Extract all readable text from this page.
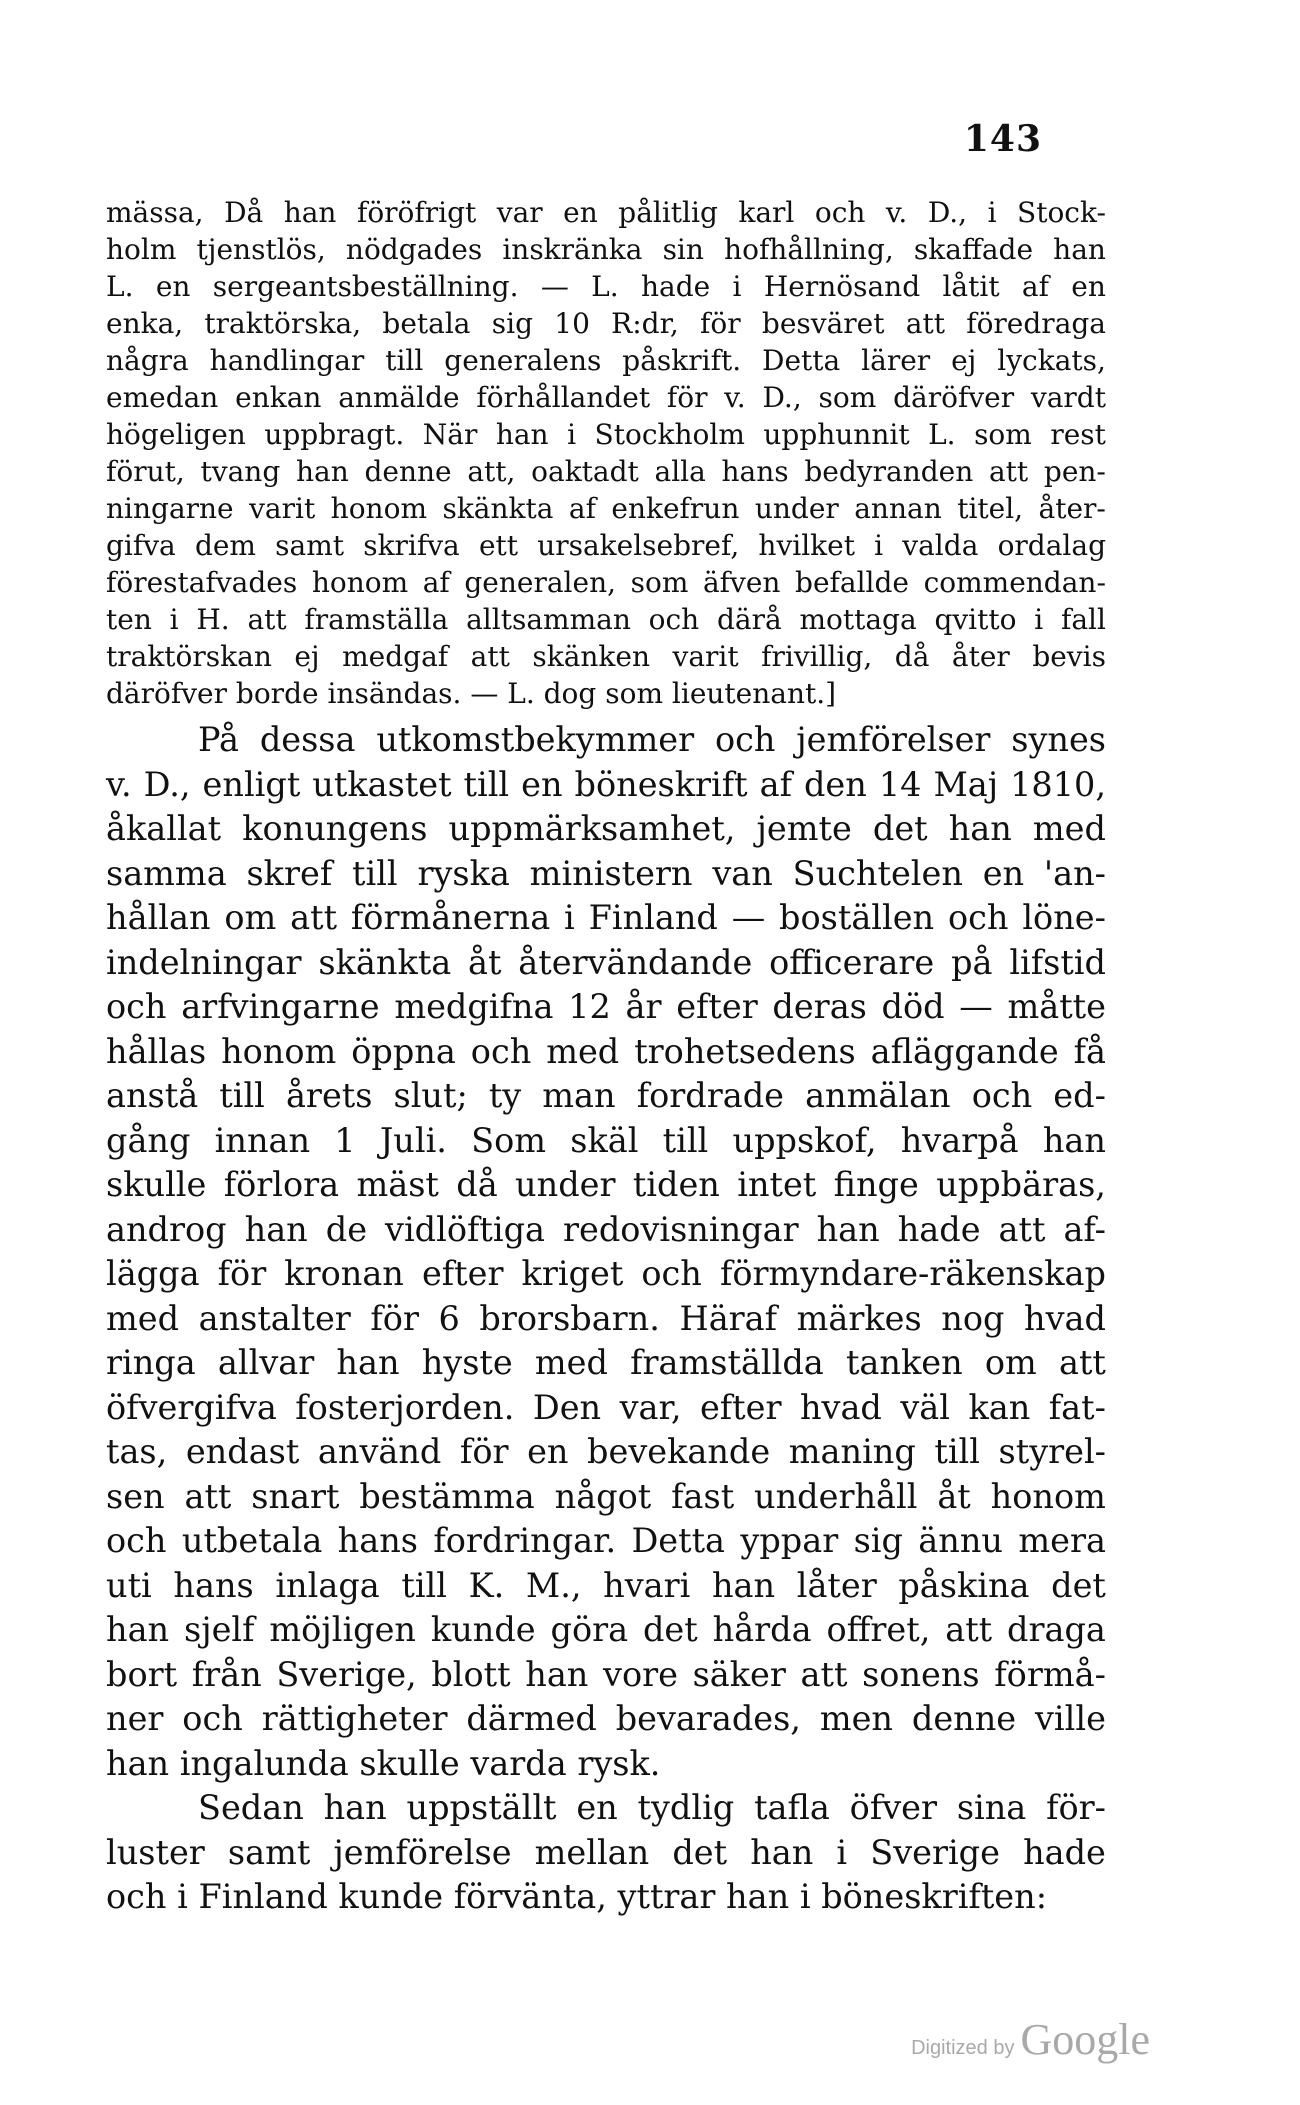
143
mässa, Då han föröfrigt var en pålitlig karl och v. D., i Stock-
holm tjenstlös, nödgades inskränka sin hofhållning, skaffade han
L. en sergeantsbeställning. — L. hade i Hernösand låtit af en
enka, traktörska, betala sig 10 R:dr, för besväret att föredraga
några handlingar till generalens påskrift. Detta lärer ej lyckats,
emedan enkan anmälde förhållandet för v. D., som däröfver vardt
högeligen uppbragt. När han i Stockholm upphunnit L. som rest
förut, tvang han denne att, oaktadt alla hans bedyranden att pen-
ningarne varit honom skänkta af enkefrun under annan titel, åter-
gifva dem samt skrifva ett ursakelsebref, hvilket i valda ordalag
förestafvades honom af generalen, som äfven befallde commendan-
ten i H. att framställa alltsamman och därå mottaga qvitto i fall
traktörskan ej medgaf att skänken varit frivillig, då åter bevis
däröfver borde insändas. — L. dog som lieutenant.]
På dessa utkomstbekymmer och jemförelser synes
v. D., enligt utkastet till en böneskrift af den 14 Maj 1810,
åkallat konungens uppmärksamhet, jemte det han med
samma skref till ryska ministern van Suchtelen en 'an-
hållan om att förmånerna i Finland — boställen och löne-
indelningar skänkta åt återvändande officerare på lifstid
och arfvingarne medgifna 12 år efter deras död — måtte
hållas honom öppna och med trohetsedens afläggande få
anstå till årets slut; ty man fordrade anmälan och ed-
gång innan 1 Juli. Som skäl till uppskof, hvarpå han
skulle förlora mäst då under tiden intet finge uppbäras,
androg han de vidlöftiga redovisningar han hade att af-
lägga för kronan efter kriget och förmyndare-räkenskap
med anstalter för 6 brorsbarn. Häraf märkes nog hvad
ringa allvar han hyste med framställda tanken om att
öfvergifva fosterjorden. Den var, efter hvad väl kan fat-
tas, endast använd för en bevekande maning till styrel-
sen att snart bestämma något fast underhåll åt honom
och utbetala hans fordringar. Detta yppar sig ännu mera
uti hans inlaga till K. M., hvari han låter påskina det
han sjelf möjligen kunde göra det hårda offret, att draga
bort från Sverige, blott han vore säker att sonens förmå-
ner och rättigheter därmed bevarades, men denne ville
han ingalunda skulle varda rysk.
Sedan han uppställt en tydlig tafla öfver sina för-
luster samt jemförelse mellan det han i Sverige hade
och i Finland kunde förvänta, yttrar han i böneskriften:
Digitized by Google
